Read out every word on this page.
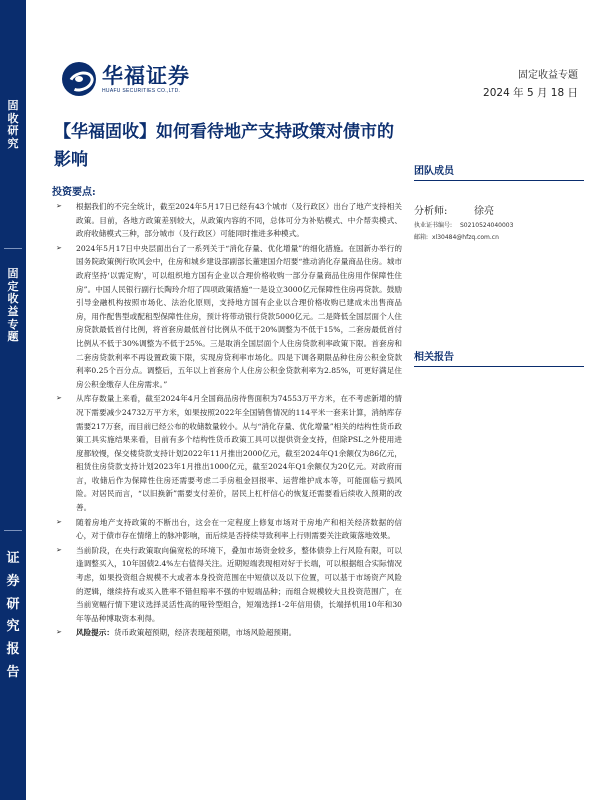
固
收
研
究
固
定
收
益
专
题
证
券
研
究
报
告
华福证券
HUAFU SECURITIES CO.,LTD.
固定收益专题
2024 年 5 月 18 日
【华福固收】如何看待地产支持政策对债市的影响
团队成员
分析师:	徐亮
执业证书编号:	S0210524040003
邮箱: xl30484@hfzq.com.cn
相关报告
投资要点:
➢ 根据我们的不完全统计，截至2024年5月17日已经有43个城市（及行政区）出台了地产支持相关政策。目前，各地方政策差别较大，从政策内容的不同，总体可分为补贴模式、中介帮卖模式、政府收储模式三种，部分城市（及行政区）可能同时推进多种模式。
➢ 2024年5月17日中央层面出台了一系列关于“消化存量、优化增量”的细化措施。在国新办举行的国务院政策例行吹风会中，住房和城乡建设部副部长董建国介绍要“推动消化存量商品住房。城市政府坚持‘以需定购’，可以组织地方国有企业以合理价格收购一部分存量商品住房用作保障性住房”。中国人民银行副行长陶玲介绍了四项政策措施“一是设立3000亿元保障性住房再贷款。鼓励引导金融机构按照市场化、法治化原则，支持地方国有企业以合理价格收购已建成未出售商品房，用作配售型或配租型保障性住房，预计将带动银行贷款5000亿元。二是降低全国层面个人住房贷款最低首付比例，将首套房最低首付比例从不低于20%调整为不低于15%，二套房最低首付比例从不低于30%调整为不低于25%。三是取消全国层面个人住房贷款利率政策下限。首套房和二套房贷款利率不再设置政策下限，实现房贷利率市场化。四是下调各期限品种住房公积金贷款利率0.25个百分点。调整后，五年以上首套房个人住房公积金贷款利率为2.85%，可更好满足住房公积金缴存人住房需求。”
➢ 从库存数量上来看，截至2024年4月全国商品房待售面积为74553万平方米，在不考虑新增的情况下需要减少24732万平方米，如果按照2022年全国销售情况的114平米一套来计算，消纳库存需要217万套，而目前已经公布的收储数量较小。从与“消化存量、优化增量”相关的结构性货币政策工具实施结果来看，目前有多个结构性货币政策工具可以提供资金支持，但除PSL之外使用进度都较慢，保交楼贷款支持计划2022年11月推出2000亿元，截至2024年Q1余额仅为86亿元，租赁住房贷款支持计划2023年1月推出1000亿元，截至2024年Q1余额仅为20亿元。对政府而言，收储后作为保障性住房还需要考虑二手房租金回报率、运营维护成本等，可能面临亏损风险。对居民而言，“以旧换新”需要支付差价，居民上杠杆信心的恢复还需要看后续收入预期的改善。
➢ 随着房地产支持政策的不断出台，这会在一定程度上修复市场对于房地产和相关经济数据的信心，对于债市存在情绪上的脉冲影响，而后续是否持续导致利率上行则需要关注政策落地效果。
➢ 当前阶段，在央行政策取向偏宽松的环境下，叠加市场资金较多，整体债券上行风险有限，可以逢调整买入，10年国债2.4%左右值得关注。近期短端表现相对好于长端，可以根据组合实际情况考虑，如果投资组合规模不大或者本身投资范围在中短债以及以下位置，可以基于市场资产风险的逻辑，继续持有或买入胜率不错但赔率不强的中短端品种；而组合规模较大且投资范围广，在当前宽幅行情下建议选择灵活性高的哑铃型组合，短端选择1-2年信用债，长端择机用10年和30年等品种博取资本利得。
➢ 风险提示：货币政策超预期，经济表现超预期，市场风险超预期。
